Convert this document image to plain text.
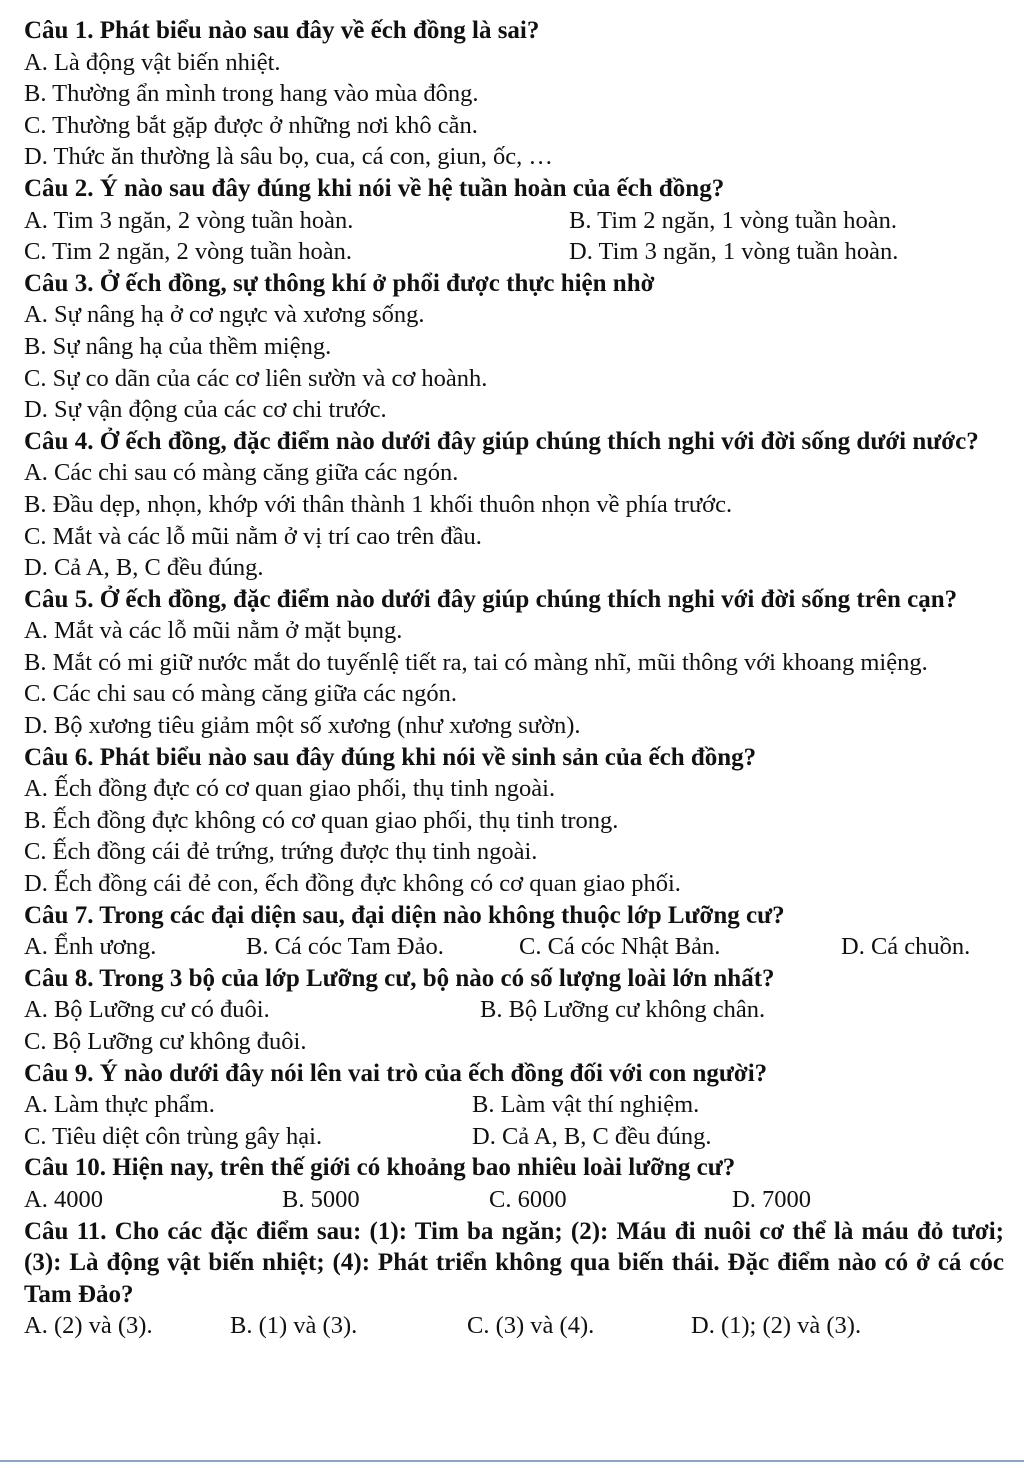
Câu 1. Phát biểu nào sau đây về ếch đồng là sai?
A. Là động vật biến nhiệt.
B. Thường ẩn mình trong hang vào mùa đông.
C. Thường bắt gặp được ở những nơi khô cằn.
D. Thức ăn thường là sâu bọ, cua, cá con, giun, ốc, …
Câu 2. Ý nào sau đây đúng khi nói về hệ tuần hoàn của ếch đồng?
A. Tim 3 ngăn, 2 vòng tuần hoàn.	B. Tim 2 ngăn, 1 vòng tuần hoàn.
C. Tim 2 ngăn, 2 vòng tuần hoàn.	D. Tim 3 ngăn, 1 vòng tuần hoàn.
Câu 3. Ở ếch đồng, sự thông khí ở phổi được thực hiện nhờ
A. Sự nâng hạ ở cơ ngực và xương sống.
B. Sự nâng hạ của thềm miệng.
C. Sự co dãn của các cơ liên sườn và cơ hoành.
D. Sự vận động của các cơ chi trước.
Câu 4. Ở ếch đồng, đặc điểm nào dưới đây giúp chúng thích nghi với đời sống dưới nước?
A. Các chi sau có màng căng giữa các ngón.
B. Đầu dẹp, nhọn, khớp với thân thành 1 khối thuôn nhọn về phía trước.
C. Mắt và các lỗ mũi nằm ở vị trí cao trên đầu.
D. Cả A, B, C đều đúng.
Câu 5. Ở ếch đồng, đặc điểm nào dưới đây giúp chúng thích nghi với đời sống trên cạn?
A. Mắt và các lỗ mũi nằm ở mặt bụng.
B. Mắt có mi giữ nước mắt do tuyếnlệ tiết ra, tai có màng nhĩ, mũi thông với khoang miệng.
C. Các chi sau có màng căng giữa các ngón.
D. Bộ xương tiêu giảm một số xương (như xương sườn).
Câu 6. Phát biểu nào sau đây đúng khi nói về sinh sản của ếch đồng?
A. Ếch đồng đực có cơ quan giao phối, thụ tinh ngoài.
B. Ếch đồng đực không có cơ quan giao phối, thụ tinh trong.
C. Ếch đồng cái đẻ trứng, trứng được thụ tinh ngoài.
D. Ếch đồng cái đẻ con, ếch đồng đực không có cơ quan giao phối.
Câu 7. Trong các đại diện sau, đại diện nào không thuộc lớp Lưỡng cư?
A. Ểnh ương.	B. Cá cóc Tam Đảo.	C. Cá cóc Nhật Bản.	D. Cá chuồn.
Câu 8. Trong 3 bộ của lớp Lưỡng cư, bộ nào có số lượng loài lớn nhất?
A. Bộ Lưỡng cư có đuôi.	B. Bộ Lưỡng cư không chân.
C. Bộ Lưỡng cư không đuôi.
Câu 9. Ý nào dưới đây nói lên vai trò của ếch đồng đối với con người?
A. Làm thực phẩm.	B. Làm vật thí nghiệm.
C. Tiêu diệt côn trùng gây hại.	D. Cả A, B, C đều đúng.
Câu 10. Hiện nay, trên thế giới có khoảng bao nhiêu loài lưỡng cư?
A. 4000	B. 5000	C. 6000	D. 7000
Câu 11. Cho các đặc điểm sau: (1): Tim ba ngăn; (2): Máu đi nuôi cơ thể là máu đỏ tươi; (3): Là động vật biến nhiệt; (4): Phát triển không qua biến thái. Đặc điểm nào có ở cá cóc Tam Đảo?
A. (2) và (3).	B. (1) và (3).	C. (3) và (4).	D. (1); (2) và (3).
